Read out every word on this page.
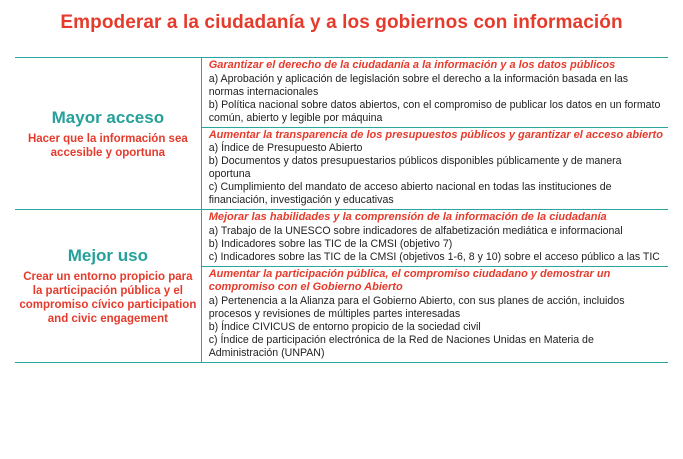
Empoderar a la ciudadanía y a los gobiernos con información
Mayor acceso

Hacer que la información sea accesible y oportuna

Garantizar el derecho de la ciudadanía a la información y a los datos públicos
a) Aprobación y aplicación de legislación sobre el derecho a la información basada en las normas internacionales
b) Política nacional sobre datos abiertos, con el compromiso de publicar los datos en un formato común, abierto y legible por máquina
Aumentar la transparencia de los presupuestos públicos y garantizar el acceso abierto
a) Índice de Presupuesto Abierto
b) Documentos y datos presupuestarios públicos disponibles públicamente y de manera oportuna
c) Cumplimiento del mandato de acceso abierto nacional en todas las instituciones de financiación, investigación y educativas
Mejor uso

Crear un entorno propicio para la participación pública y el compromiso cívico participation and civic engagement

Mejorar las habilidades y la comprensión de la información de la ciudadanía
a) Trabajo de la UNESCO sobre indicadores de alfabetización mediática e informacional
b) Indicadores sobre las TIC de la CMSI (objetivo 7)
c) Indicadores sobre las TIC de la CMSI (objetivos 1-6, 8 y 10) sobre el acceso público a las TIC
Aumentar la participación pública, el compromiso ciudadano y demostrar un compromiso con el Gobierno Abierto
a) Pertenencia a la Alianza para el Gobierno Abierto, con sus planes de acción, incluidos procesos y revisiones de múltiples partes interesadas
b) Índice CIVICUS de entorno propicio de la sociedad civil
c) Índice de participación electrónica de la Red de Naciones Unidas en Materia de Administración (UNPAN)
